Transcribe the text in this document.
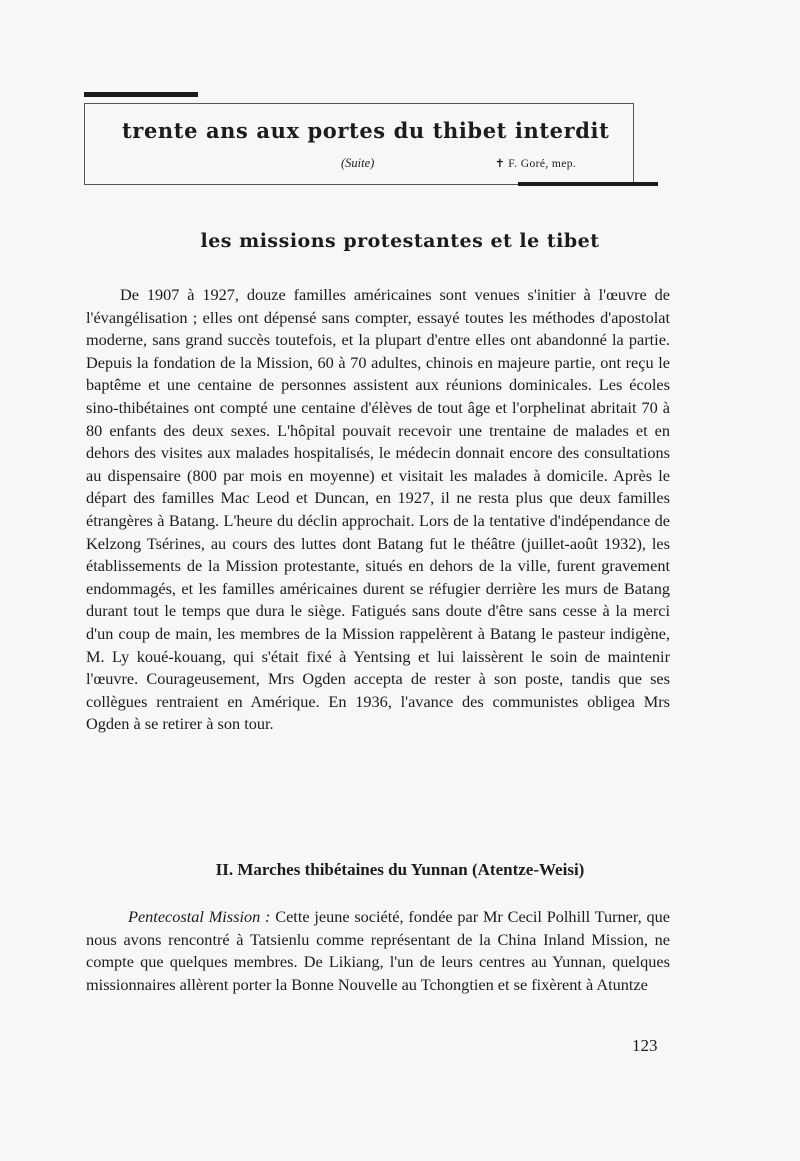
trente ans aux portes du thibet interdit
(Suite)	✝ F. Goré, mep.
les missions protestantes et le tibet

De 1907 à 1927, douze familles américaines sont venues s'initier à l'œuvre de l'évangélisation ; elles ont dépensé sans compter, essayé toutes les méthodes d'apostolat moderne, sans grand succès toutefois, et la plupart d'entre elles ont abandonné la partie. Depuis la fondation de la Mission, 60 à 70 adultes, chinois en majeure partie, ont reçu le baptême et une centaine de personnes assistent aux réunions dominicales. Les écoles sino-thibétaines ont compté une centaine d'élèves de tout âge et l'orphelinat abritait 70 à 80 enfants des deux sexes. L'hôpital pouvait recevoir une trentaine de malades et en dehors des visites aux malades hospitalisés, le médecin donnait encore des consultations au dispensaire (800 par mois en moyenne) et visitait les malades à domicile. Après le départ des familles Mac Leod et Duncan, en 1927, il ne resta plus que deux familles étrangères à Batang. L'heure du déclin approchait. Lors de la tentative d'indépendance de Kelzong Tsérines, au cours des luttes dont Batang fut le théâtre (juillet-août 1932), les établissements de la Mission protestante, situés en dehors de la ville, furent gravement endommagés, et les familles américaines durent se réfugier derrière les murs de Batang durant tout le temps que dura le siège. Fatigués sans doute d'être sans cesse à la merci d'un coup de main, les membres de la Mission rappelèrent à Batang le pasteur indigène, M. Ly koué-kouang, qui s'était fixé à Yentsing et lui laissèrent le soin de maintenir l'œuvre. Courageusement, Mrs Ogden accepta de rester à son poste, tandis que ses collègues rentraient en Amérique. En 1936, l'avance des communistes obligea Mrs Ogden à se retirer à son tour.

II. Marches thibétaines du Yunnan (Atentze-Weisi)

Pentecostal Mission : Cette jeune société, fondée par Mr Cecil Polhill Turner, que nous avons rencontré à Tatsienlu comme représentant de la China Inland Mission, ne compte que quelques membres. De Likiang, l'un de leurs centres au Yunnan, quelques missionnaires allèrent porter la Bonne Nouvelle au Tchongtien et se fixèrent à Atuntze

123
